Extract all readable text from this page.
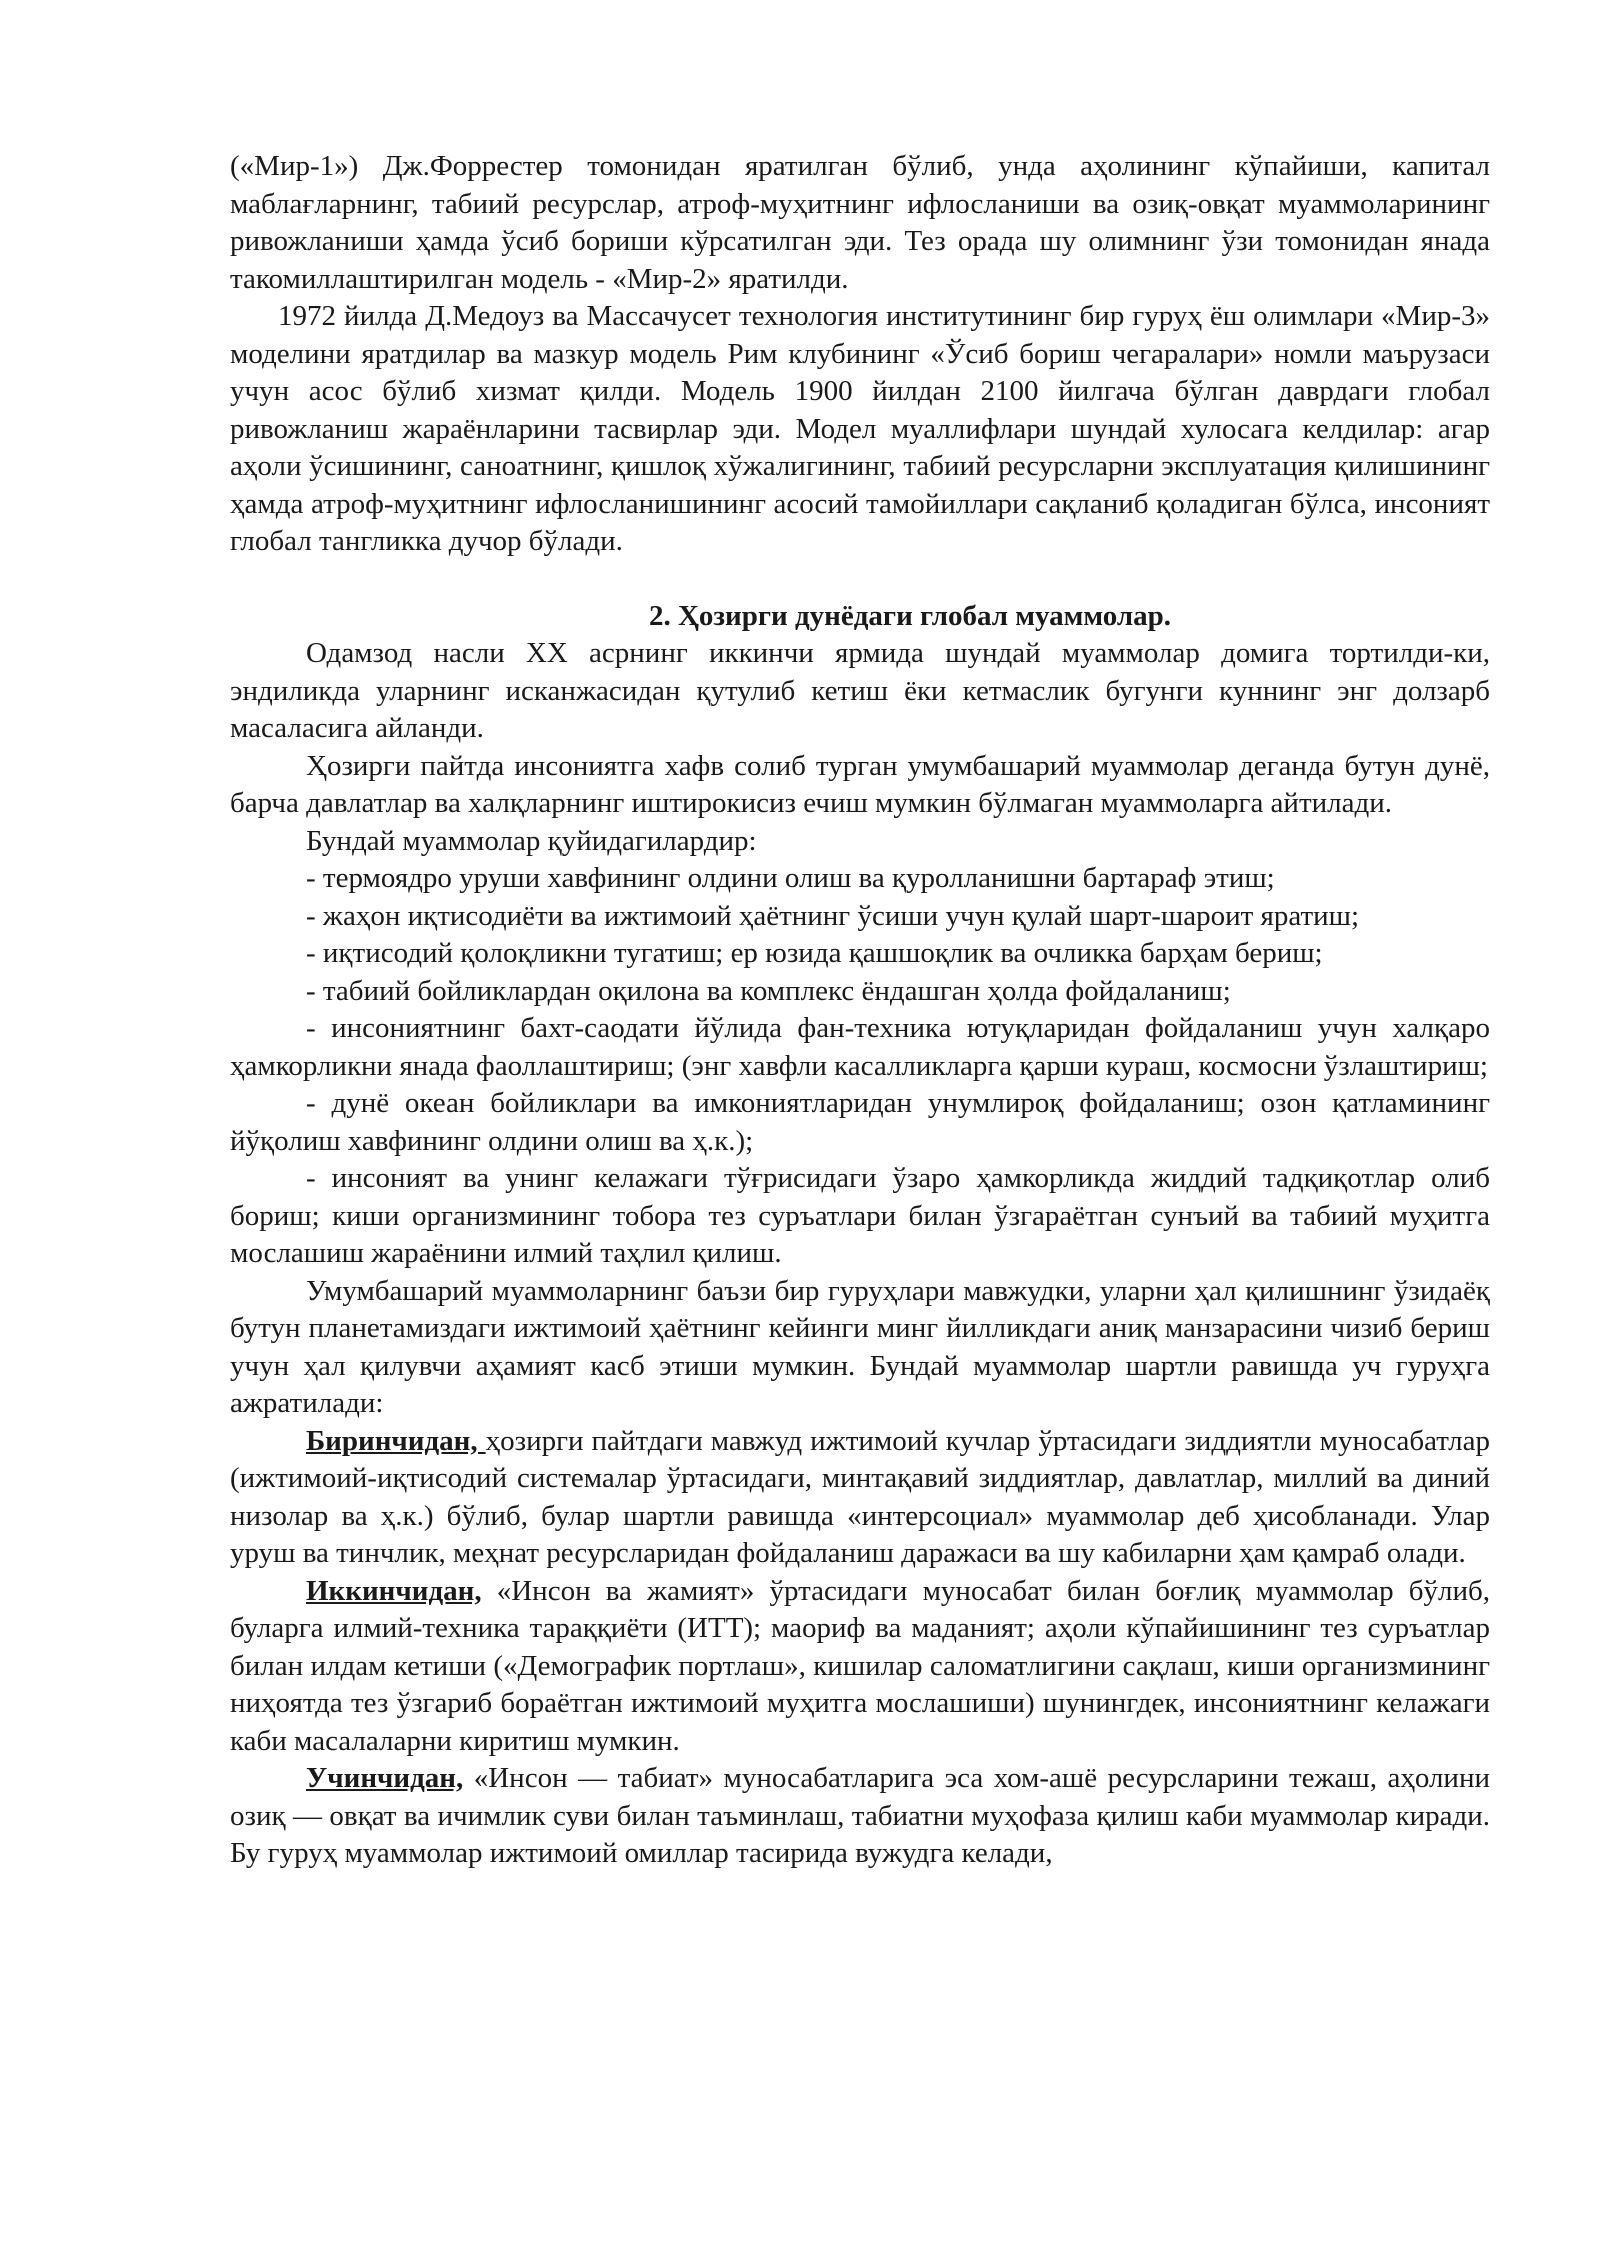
(«Мир-1») Дж.Форрестер томонидан яратилган бўлиб, унда аҳолининг кўпайиши, капитал маблағларнинг, табиий ресурслар, атроф-муҳитнинг ифлосланиши ва озиқ-овқат муаммоларининг ривожланиши ҳамда ўсиб бориши кўрсатилган эди. Тез орада шу олимнинг ўзи томонидан янада такомиллаштирилган модель - «Мир-2» яратилди.

1972 йилда Д.Медоуз ва Массачусет технология институтининг бир гуруҳ ёш олимлари «Мир-3» моделини яратдилар ва мазкур модель Рим клубининг «Ўсиб бориш чегаралари» номли маърузаси учун асос бўлиб хизмат қилди. Модель 1900 йилдан 2100 йилгача бўлган даврдаги глобал ривожланиш жараёнларини тасвирлар эди. Модел муаллифлари шундай хулосага келдилар: агар аҳоли ўсишининг, саноатнинг, қишлоқ хўжалигининг, табиий ресурсларни эксплуатация қилишининг ҳамда атроф-муҳитнинг ифлосланишининг асосий тамойиллари сақланиб қоладиган бўлса, инсоният глобал тангликка дучор бўлади.

2. Ҳозирги дунёдаги глобал муаммолар.

Одамзод насли XX асрнинг иккинчи ярмида шундай муаммолар домига тортилди-ки, эндиликда уларнинг исканжасидан қутулиб кетиш ёки кетмаслик бугунги куннинг энг долзарб масаласига айланди.

Ҳозирги пайтда инсониятга хафв солиб турган умумбашарий муаммолар деганда бутун дунё, барча давлатлар ва халқларнинг иштирокисиз ечиш мумкин бўлмаган муаммоларга айтилади.

Бундай муаммолар қуйидагилардир:

- термоядро уруши хавфининг олдини олиш ва қуролланишни бартараф этиш;

- жаҳон иқтисодиёти ва ижтимоий ҳаётнинг ўсиши учун қулай шарт-шароит яратиш;

- иқтисодий қолоқликни тугатиш; ер юзида қашшоқлик ва очликка барҳам бериш;

- табиий бойликлардан оқилона ва комплекс ёндашган ҳолда фойдаланиш;

- инсониятнинг бахт-саодати йўлида фан-техника ютуқларидан фойдаланиш учун халқаро ҳамкорликни янада фаоллаштириш; (энг хавфли касалликларга қарши кураш, космосни ўзлаштириш;

- дунё океан бойликлари ва имкониятларидан унумлироқ фойдаланиш; озон қатламининг йўқолиш хавфининг олдини олиш ва ҳ.к.);

- инсоният ва унинг келажаги тўғрисидаги ўзаро ҳамкорликда жиддий тадқиқотлар олиб бориш; киши организмининг тобора тез суръатлари билан ўзгараётган сунъий ва табиий муҳитга мослашиш жараёнини илмий таҳлил қилиш.

Умумбашарий муаммоларнинг баъзи бир гуруҳлари мавжудки, уларни ҳал қилишнинг ўзидаёқ бутун планетамиздаги ижтимоий ҳаётнинг кейинги минг йилликдаги аниқ манзарасини чизиб бериш учун ҳал қилувчи аҳамият касб этиши мумкин. Бундай муаммолар шартли равишда уч гуруҳга ажратилади:

Биринчидан, ҳозирги пайтдаги мавжуд ижтимоий кучлар ўртасидаги зиддиятли муносабатлар (ижтимоий-иқтисодий системалар ўртасидаги, минтақавий зиддиятлар, давлатлар, миллий ва диний низолар ва ҳ.к.) бўлиб, булар шартли равишда «интерсоциал» муаммолар деб ҳисобланади. Улар уруш ва тинчлик, меҳнат ресурсларидан фойдаланиш даражаси ва шу кабиларни ҳам қамраб олади.

Иккинчидан, «Инсон ва жамият» ўртасидаги муносабат билан боғлиқ муаммолар бўлиб, буларга илмий-техника тараққиёти (ИТТ); маориф ва маданият; аҳоли кўпайишининг тез суръатлар билан илдам кетиши («Демографик портлаш», кишилар саломатлигини сақлаш, киши организмининг ниҳоятда тез ўзгариб бораётган ижтимоий муҳитга мослашиши) шунингдек, инсониятнинг келажаги каби масалаларни киритиш мумкин.

Учинчидан, «Инсон — табиат» муносабатларига эса хом-ашё ресурсларини тежаш, аҳолини озиқ — овқат ва ичимлик суви билан таъминлаш, табиатни муҳофаза қилиш каби муаммолар киради. Бу гуруҳ муаммолар ижтимоий омиллар тасирида вужудга келади,
